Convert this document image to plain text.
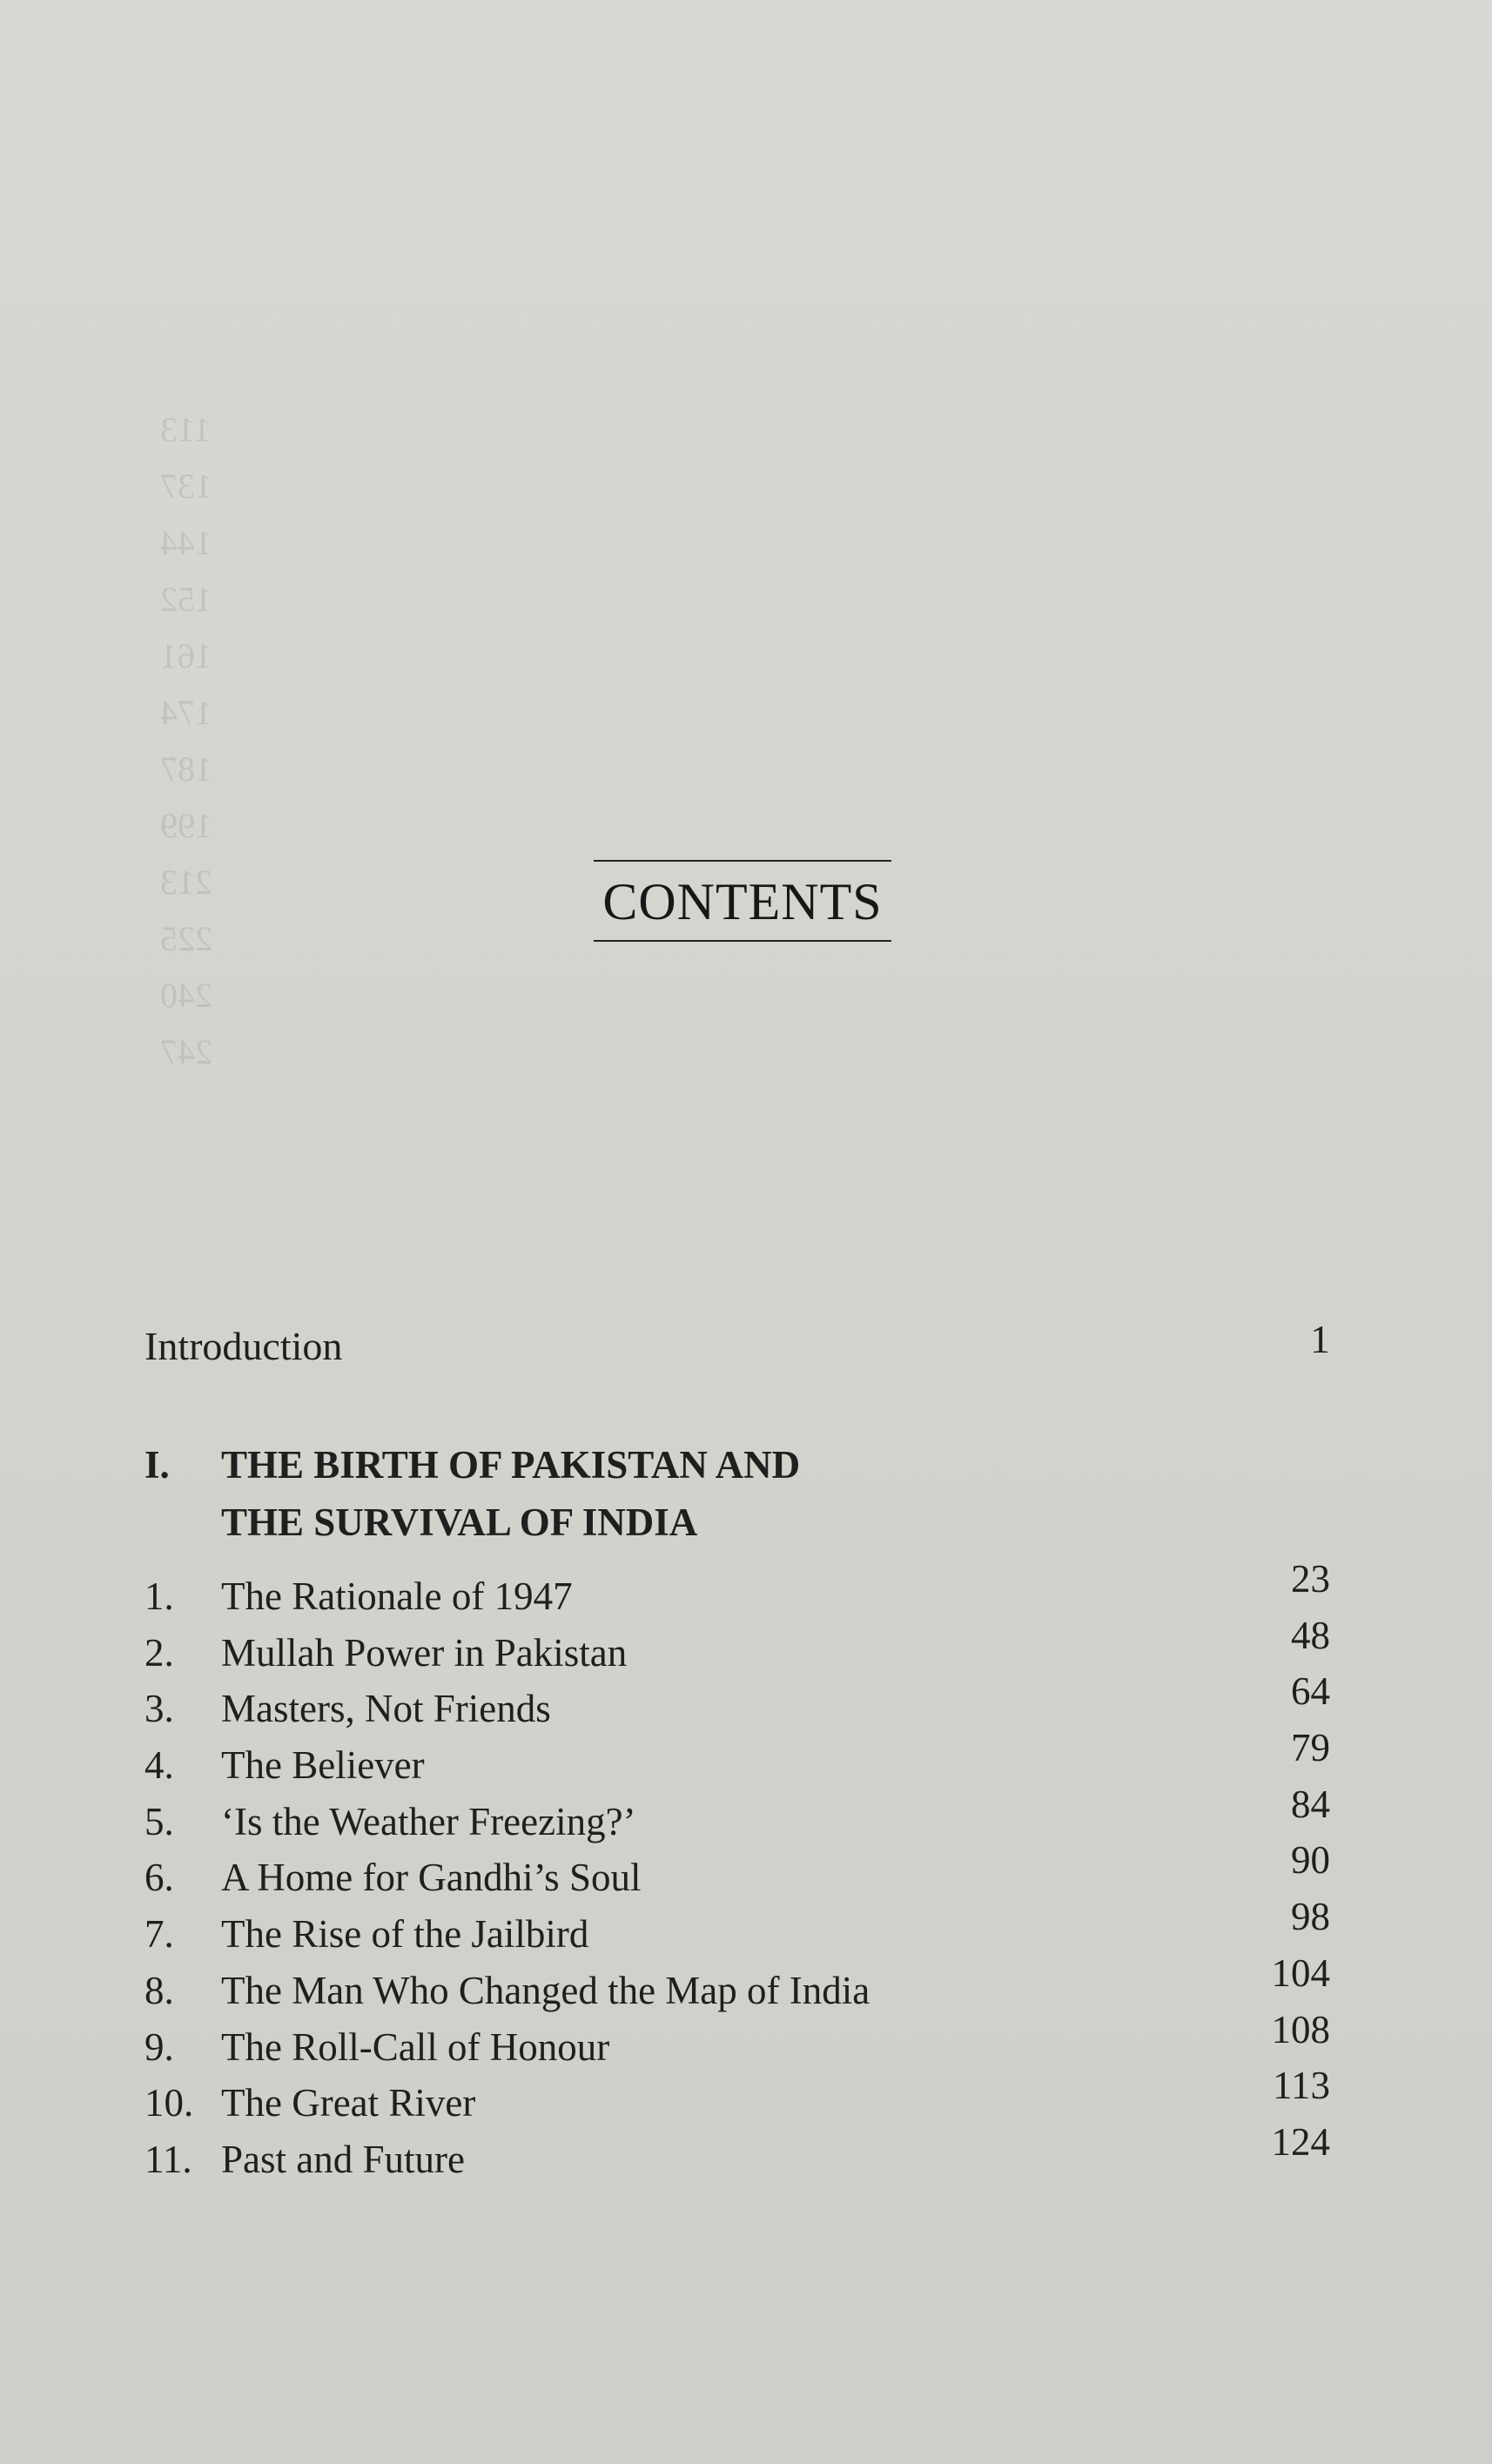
113
137
144
152
161
174
187
199
213
225
240
247
CONTENTS
Introduction	1
I. THE BIRTH OF PAKISTAN AND
THE SURVIVAL OF INDIA
1. The Rationale of 1947	23
2. Mullah Power in Pakistan	48
3. Masters, Not Friends	64
4. The Believer	79
5. ‘Is the Weather Freezing?’	84
6. A Home for Gandhi’s Soul	90
7. The Rise of the Jailbird	98
8. The Man Who Changed the Map of India	104
9. The Roll-Call of Honour	108
10. The Great River	113
11. Past and Future	124
